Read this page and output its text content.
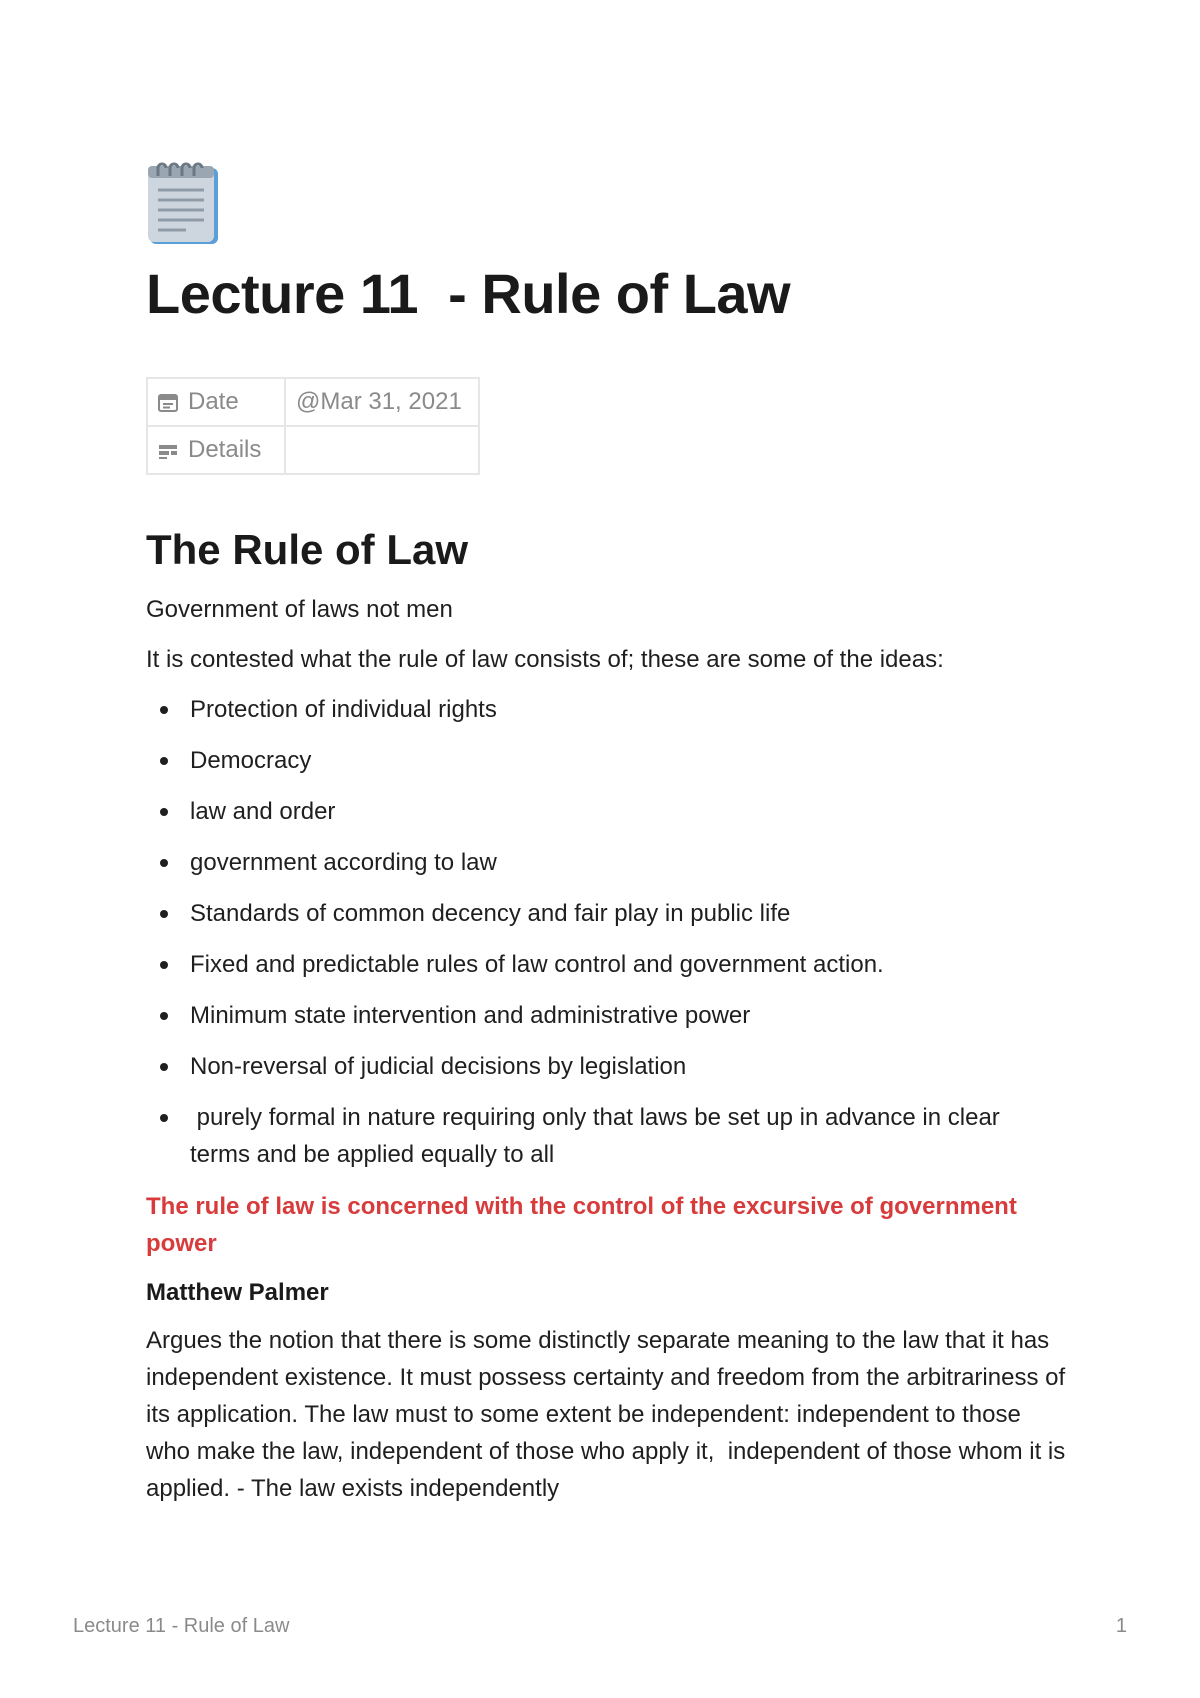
Lecture 11  - Rule of Law
Date	@Mar 31, 2021

Details	

The Rule of Law

Government of laws not men

It is contested what the rule of law consists of; these are some of the ideas:

Protection of individual rights
Democracy
law and order
government according to law
Standards of common decency and fair play in public life
Fixed and predictable rules of law control and government action.
Minimum state intervention and administrative power
Non-reversal of judicial decisions by legislation
purely formal in nature requiring only that laws be set up in advance in clear terms and be applied equally to all

The rule of law is concerned with the control of the excursive of government power

Matthew Palmer

Argues the notion that there is some distinctly separate meaning to the law that it has independent existence. It must possess certainty and freedom from the arbitrariness of its application. The law must to some extent be independent: independent to those who make the law, independent of those who apply it,  independent of those whom it is applied. - The law exists independently

Lecture 11 - Rule of Law	1
